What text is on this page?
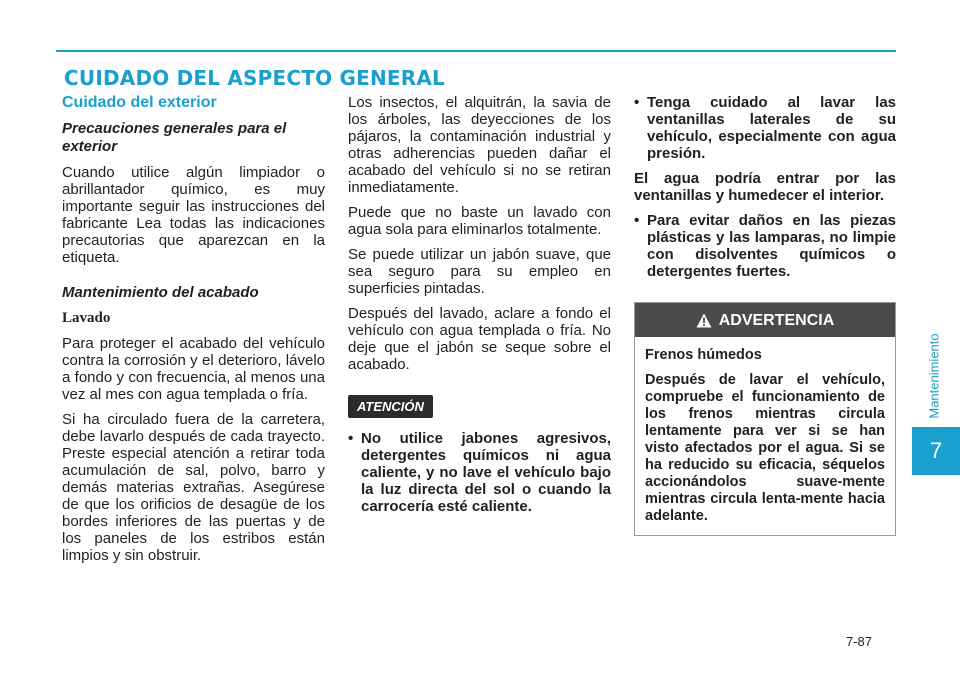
CUIDADO DEL ASPECTO GENERAL
Cuidado del exterior
Precauciones generales para el exterior

Cuando utilice algún limpiador o abrillantador químico, es muy importante seguir las instrucciones del fabricante Lea todas las indicaciones precautorias que aparezcan en la etiqueta.

Mantenimiento del acabado
Lavado

Para proteger el acabado del vehículo contra la corrosión y el deterioro, lávelo a fondo y con frecuencia, al menos una vez al mes con agua templada o fría.

Si ha circulado fuera de la carretera, debe lavarlo después de cada trayecto. Preste especial atención a retirar toda acumulación de sal, polvo, barro y demás materias extrañas. Asegúrese de que los orificios de desagüe de los bordes inferiores de las puertas y de los paneles de los estribos están limpios y sin obstruir.

Los insectos, el alquitrán, la savia de los árboles, las deyecciones de los pájaros, la contaminación industrial y otras adherencias pueden dañar el acabado del vehículo si no se retiran inmediatamente.

Puede que no baste un lavado con agua sola para eliminarlos totalmente.

Se puede utilizar un jabón suave, que sea seguro para su empleo en superficies pintadas.

Después del lavado, aclare a fondo el vehículo con agua templada o fría. No deje que el jabón se seque sobre el acabado.

ATENCIÓN
• No utilice jabones agresivos, detergentes químicos ni agua caliente, y no lave el vehículo bajo la luz directa del sol o cuando la carrocería esté caliente.
• Tenga cuidado al lavar las ventanillas laterales de su vehículo, especialmente con agua presión.

El agua podría entrar por las ventanillas y humedecer el interior.

• Para evitar daños en las piezas plásticas y las lamparas, no limpie con disolventes químicos o detergentes fuertes.
ADVERTENCIA

Frenos húmedos

Después de lavar el vehículo, compruebe el funcionamiento de los frenos mientras circula lentamente para ver si se han visto afectados por el agua. Si se ha reducido su eficacia, séquelos accionándolos suave-mente mientras circula lenta-mente hacia adelante.

Mantenimiento
7
7-87
